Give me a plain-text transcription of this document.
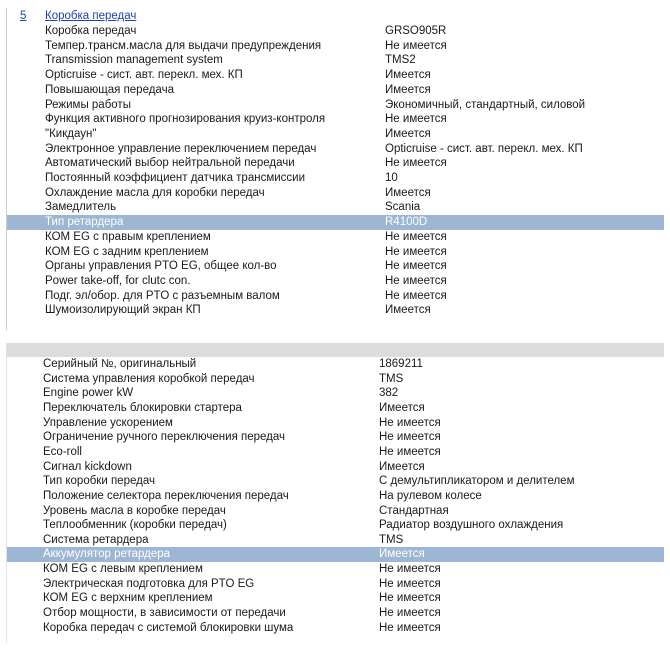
5 Коробка передач
Коробка передач	GRSO905R
Темпер.трансм.масла для выдачи предупреждения	Не имеется
Transmission management system	TMS2
Opticruise - сист. авт. перекл. мех. КП	Имеется
Повышающая передача	Имеется
Режимы работы	Экономичный, стандартный, силовой
Функция активного прогнозирования круиз-контроля	Не имеется
"Кикдаун"	Имеется
Электронное управление переключением передач	Opticruise - сист. авт. перекл. мех. КП
Автоматический выбор нейтральной передачи	Не имеется
Постоянный коэффициент датчика трансмиссии	10
Охлаждение масла для коробки передач	Имеется
Замедлитель	Scania
Тип ретардера	R4100D
КОМ EG с правым креплением	Не имеется
КОМ EG с задним креплением	Не имеется
Органы управления PTO EG, общее кол-во	Не имеется
Power take-off, for clutc con.	Не имеется
Подг. эл/обор. для PTO с разъемным валом	Не имеется
Шумоизолирующий экран КП	Имеется
Серийный №, оригинальный	1869211
Система управления коробкой передач	TMS
Engine power kW	382
Переключатель блокировки стартера	Имеется
Управление ускорением	Не имеется
Ограничение ручного переключения передач	Не имеется
Eco-roll	Не имеется
Сигнал kickdown	Имеется
Тип коробки передач	С демультипликатором и делителем
Положение селектора переключения передач	На рулевом колесе
Уровень масла в коробке передач	Стандартная
Теплообменник (коробки передач)	Радиатор воздушного охлаждения
Система ретардера	TMS
Аккумулятор ретардера	Имеется
КОМ EG с левым креплением	Не имеется
Электрическая подготовка для PTO EG	Не имеется
КОМ EG с верхним креплением	Не имеется
Отбор мощности, в зависимости от передачи	Не имеется
Коробка передач с системой блокировки шума	Не имеется
